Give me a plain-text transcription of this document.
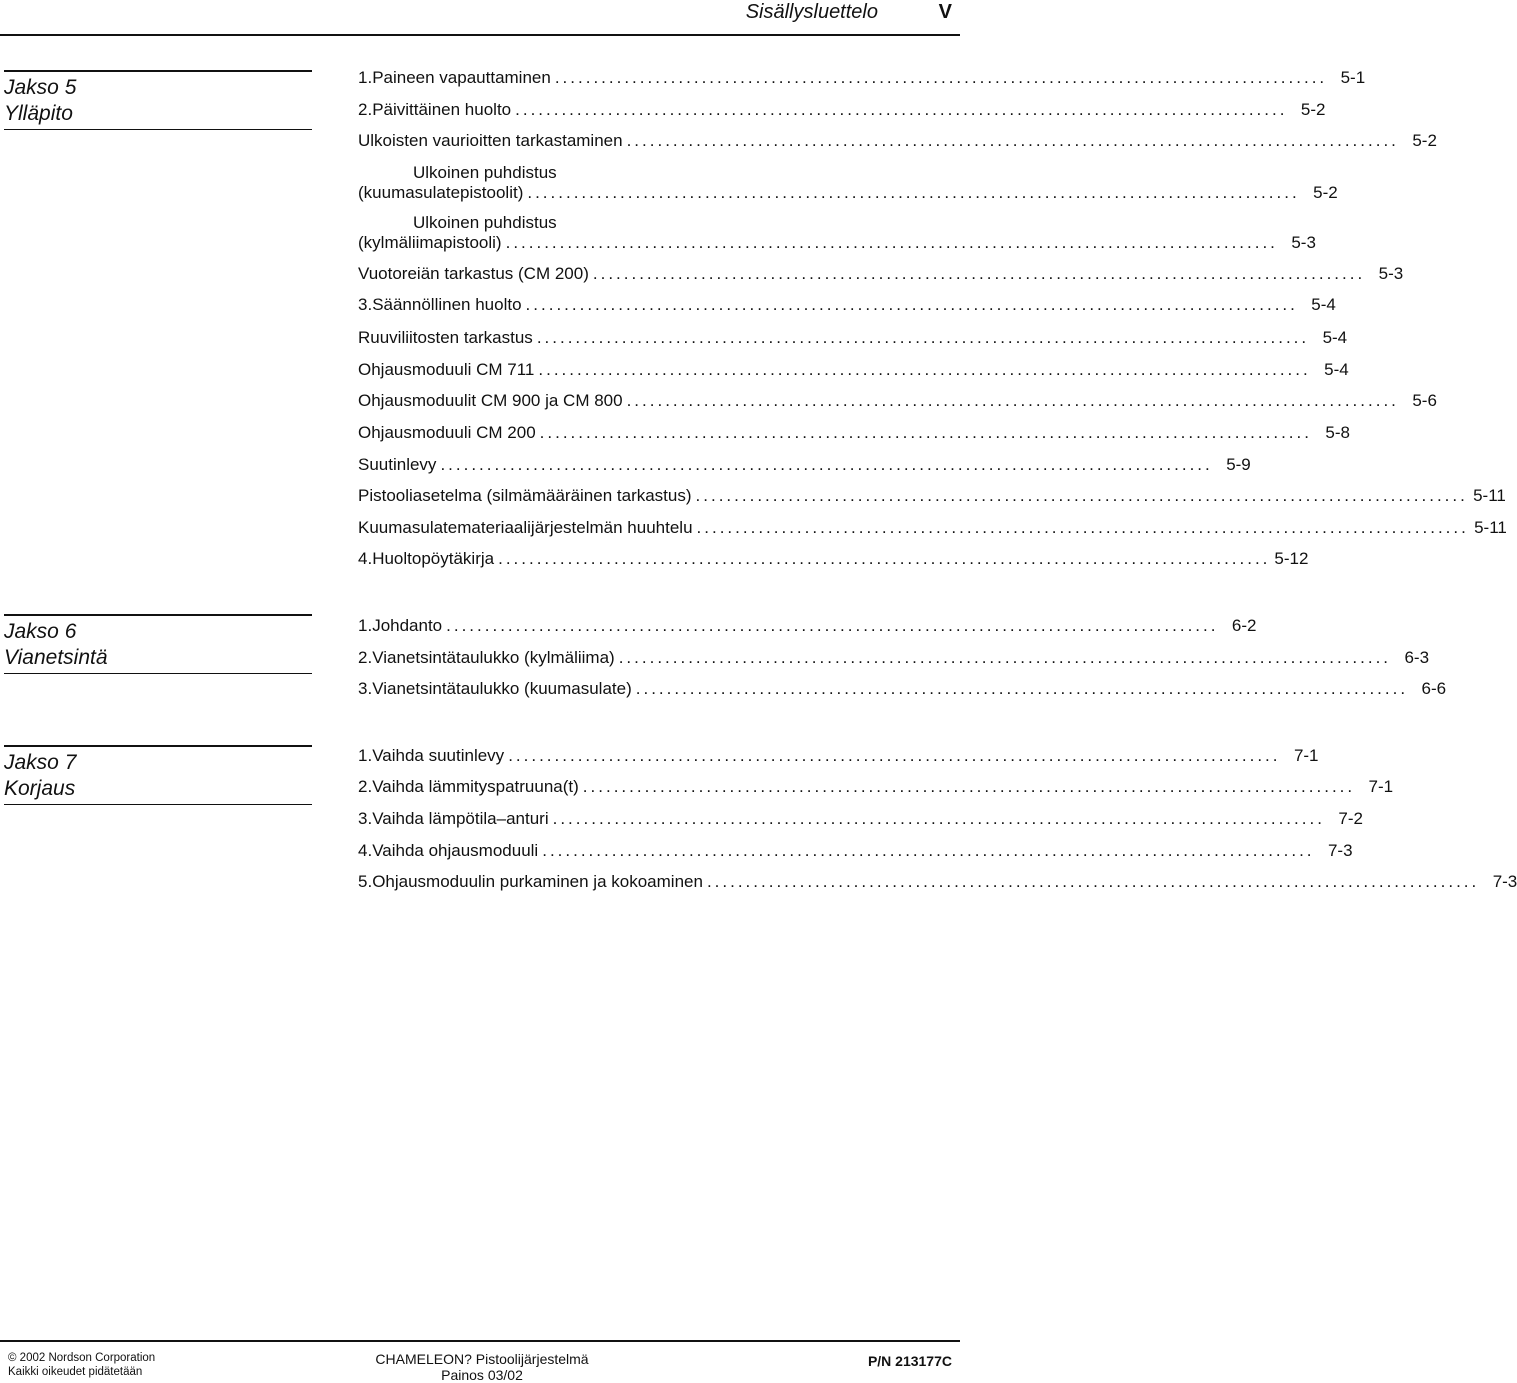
Sisällysluettelo	V
Jakso 5
Ylläpito
Jakso 6
Vianetsintä
Jakso 7
Korjaus
1. Paineen vapauttaminen .................................................................................................... 5-1
2. Päivittäinen huolto .................................................................................................... 5-2
Ulkoisten vaurioitten tarkastaminen .................................................................................................... 5-2
Ulkoinen puhdistus
(kuumasulatepistoolit) .................................................................................................... 5-2
Ulkoinen puhdistus
(kylmäliimapistooli) .................................................................................................... 5-3
Vuotoreiän tarkastus (CM 200) .................................................................................................... 5-3
3. Säännöllinen huolto .................................................................................................... 5-4
Ruuviliitosten tarkastus .................................................................................................... 5-4
Ohjausmoduuli CM 711 .................................................................................................... 5-4
Ohjausmoduulit CM 900 ja CM 800 .................................................................................................... 5-6
Ohjausmoduuli CM 200 .................................................................................................... 5-8
Suutinlevy .................................................................................................... 5-9
Pistooliasetelma (silmämääräinen tarkastus) .................................................................................................... 5-11
Kuumasulatemateriaalijärjestelmän huuhtelu .................................................................................................... 5-11
4. Huoltopöytäkirja .................................................................................................... 5-12
1. Johdanto .................................................................................................... 6-2
2. Vianetsintätaulukko (kylmäliima) .................................................................................................... 6-3
3. Vianetsintätaulukko (kuumasulate) .................................................................................................... 6-6
1. Vaihda suutinlevy .................................................................................................... 7-1
2. Vaihda lämmityspatruuna(t) .................................................................................................... 7-1
3. Vaihda lämpötila–anturi .................................................................................................... 7-2
4. Vaihda ohjausmoduuli .................................................................................................... 7-3
5. Ohjausmoduulin purkaminen ja kokoaminen .................................................................................................... 7-3
© 2002 Nordson Corporation
Kaikki oikeudet pidätetään
CHAMELEON? Pistoolijärjestelmä
Painos 03/02
P/N 213177C
